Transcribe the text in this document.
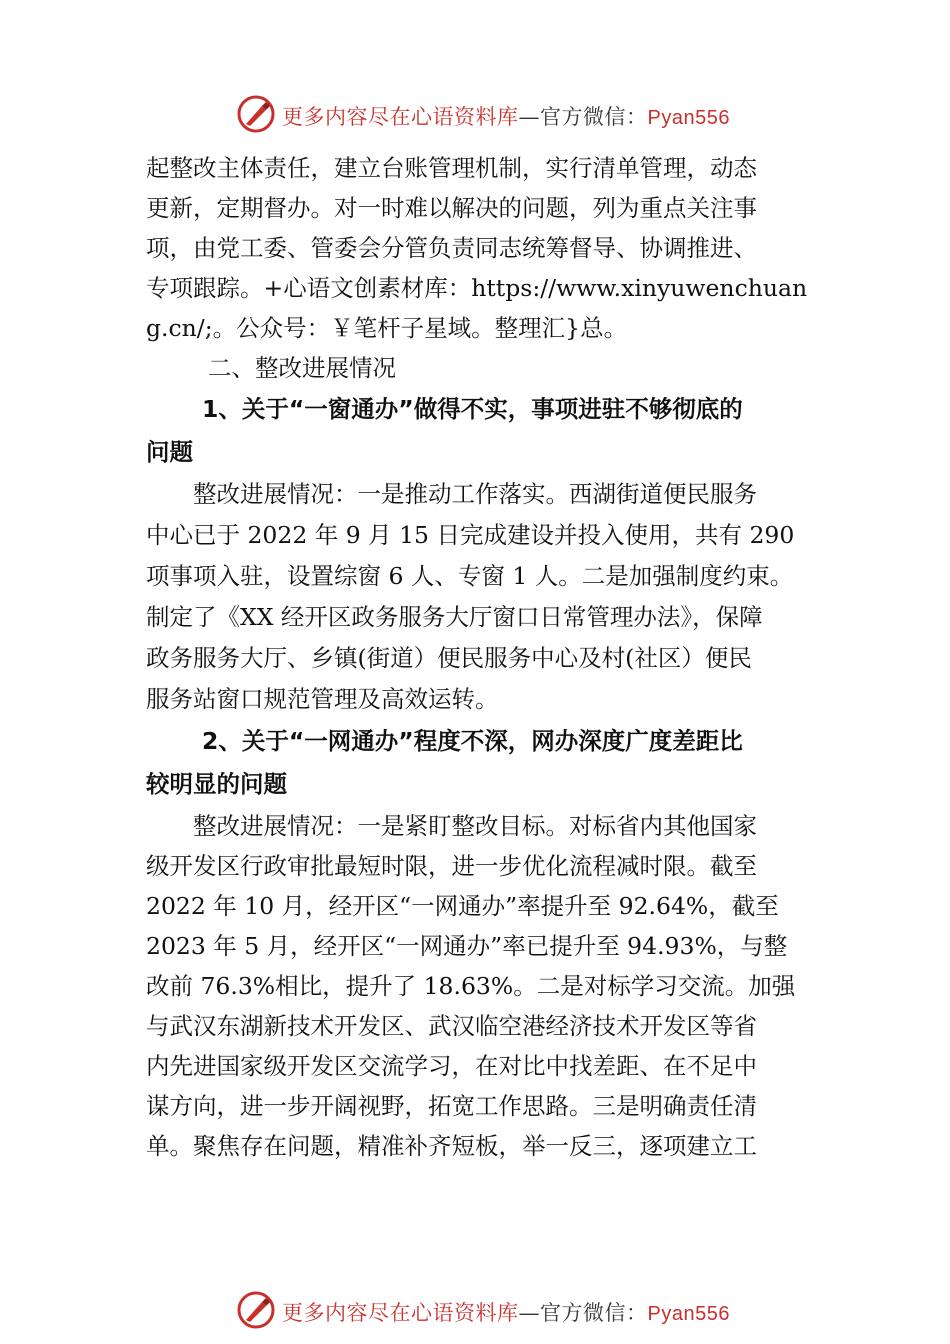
更多内容尽在心语资料库—官方微信：Pyan556
起整改主体责任，建立台账管理机制，实行清单管理，动态
更新，定期督办。对一时难以解决的问题，列为重点关注事
项，由党工委、管委会分管负责同志统筹督导、协调推进、
专项跟踪。+心语文创素材库：https://www.xinyuwenchuan
g.cn/;。公众号：￥笔杆子星域。整理汇}总。
二、整改进展情况
1、关于“一窗通办”做得不实，事项进驻不够彻底的
问题
整改进展情况：一是推动工作落实。西湖街道便民服务
中心已于 2022 年 9 月 15 日完成建设并投入使用，共有 290
项事项入驻，设置综窗 6 人、专窗 1 人。二是加强制度约束。
制定了《XX 经开区政务服务大厅窗口日常管理办法》，保障
政务服务大厅、乡镇(街道）便民服务中心及村(社区）便民
服务站窗口规范管理及高效运转。
2、关于“一网通办”程度不深，网办深度广度差距比
较明显的问题
整改进展情况：一是紧盯整改目标。对标省内其他国家
级开发区行政审批最短时限，进一步优化流程减时限。截至
2022 年 10 月，经开区“一网通办”率提升至 92.64%，截至
2023 年 5 月，经开区“一网通办”率已提升至 94.93%，与整
改前 76.3%相比，提升了 18.63%。二是对标学习交流。加强
与武汉东湖新技术开发区、武汉临空港经济技术开发区等省
内先进国家级开发区交流学习，在对比中找差距、在不足中
谋方向，进一步开阔视野，拓宽工作思路。三是明确责任清
单。聚焦存在问题，精准补齐短板，举一反三，逐项建立工
更多内容尽在心语资料库—官方微信：Pyan556
